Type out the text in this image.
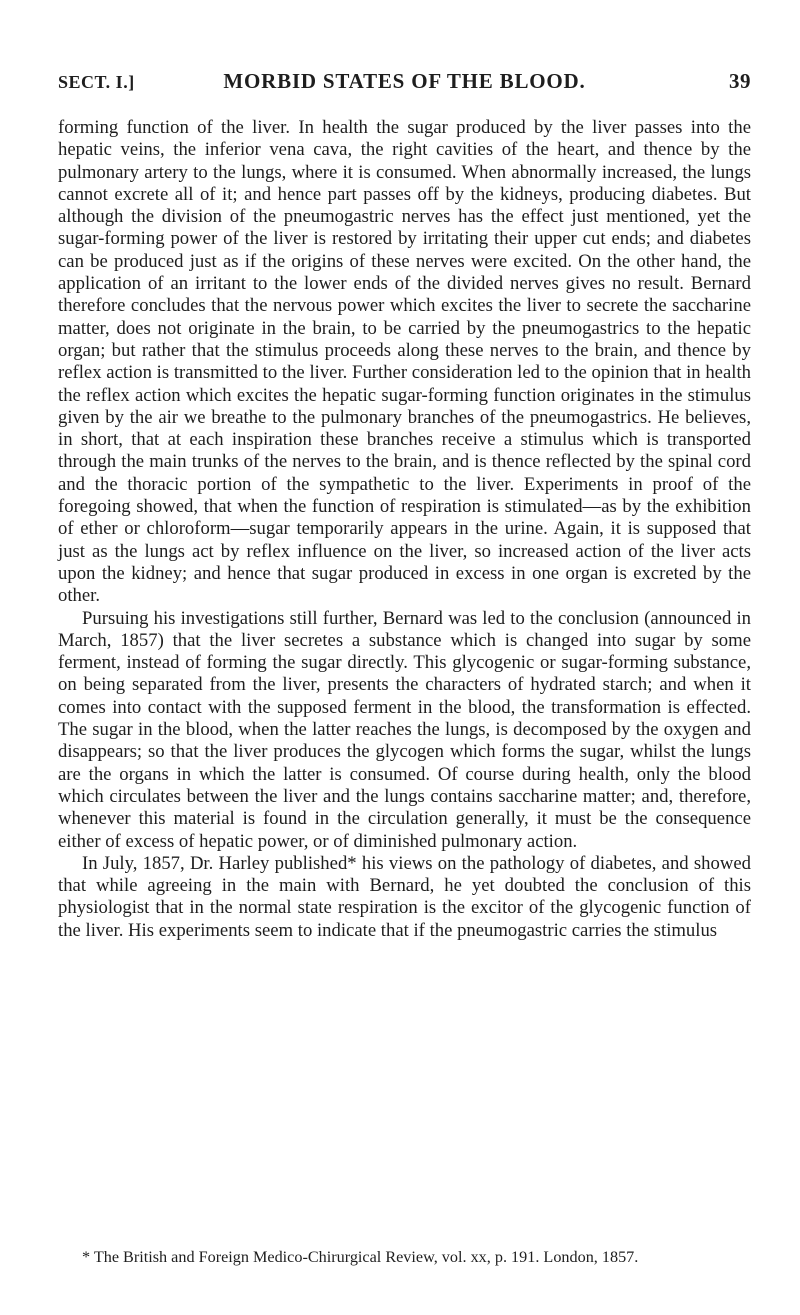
SECT. I.]	MORBID STATES OF THE BLOOD.	39

forming function of the liver. In health the sugar produced by the liver passes into the hepatic veins, the inferior vena cava, the right cavities of the heart, and thence by the pulmonary artery to the lungs, where it is consumed. When abnormally increased, the lungs cannot excrete all of it; and hence part passes off by the kidneys, producing diabetes. But although the division of the pneumogastric nerves has the effect just mentioned, yet the sugar-forming power of the liver is restored by irritating their upper cut ends; and diabetes can be produced just as if the origins of these nerves were excited. On the other hand, the application of an irritant to the lower ends of the divided nerves gives no result. Bernard therefore concludes that the nervous power which excites the liver to secrete the saccharine matter, does not originate in the brain, to be carried by the pneumogastrics to the hepatic organ; but rather that the stimulus proceeds along these nerves to the brain, and thence by reflex action is transmitted to the liver. Further consideration led to the opinion that in health the reflex action which excites the hepatic sugar-forming function originates in the stimulus given by the air we breathe to the pulmonary branches of the pneumogastrics. He believes, in short, that at each inspiration these branches receive a stimulus which is transported through the main trunks of the nerves to the brain, and is thence reflected by the spinal cord and the thoracic portion of the sympathetic to the liver. Experiments in proof of the foregoing showed, that when the function of respiration is stimulated—as by the exhibition of ether or chloroform—sugar temporarily appears in the urine. Again, it is supposed that just as the lungs act by reflex influence on the liver, so increased action of the liver acts upon the kidney; and hence that sugar produced in excess in one organ is excreted by the other.

Pursuing his investigations still further, Bernard was led to the conclusion (announced in March, 1857) that the liver secretes a substance which is changed into sugar by some ferment, instead of forming the sugar directly. This glycogenic or sugar-forming substance, on being separated from the liver, presents the characters of hydrated starch; and when it comes into contact with the supposed ferment in the blood, the transformation is effected. The sugar in the blood, when the latter reaches the lungs, is decomposed by the oxygen and disappears; so that the liver produces the glycogen which forms the sugar, whilst the lungs are the organs in which the latter is consumed. Of course during health, only the blood which circulates between the liver and the lungs contains saccharine matter; and, therefore, whenever this material is found in the circulation generally, it must be the consequence either of excess of hepatic power, or of diminished pulmonary action.

In July, 1857, Dr. Harley published* his views on the pathology of diabetes, and showed that while agreeing in the main with Bernard, he yet doubted the conclusion of this physiologist that in the normal state respiration is the excitor of the glycogenic function of the liver. His experiments seem to indicate that if the pneumogastric carries the stimulus

* The British and Foreign Medico-Chirurgical Review, vol. xx, p. 191. London, 1857.
